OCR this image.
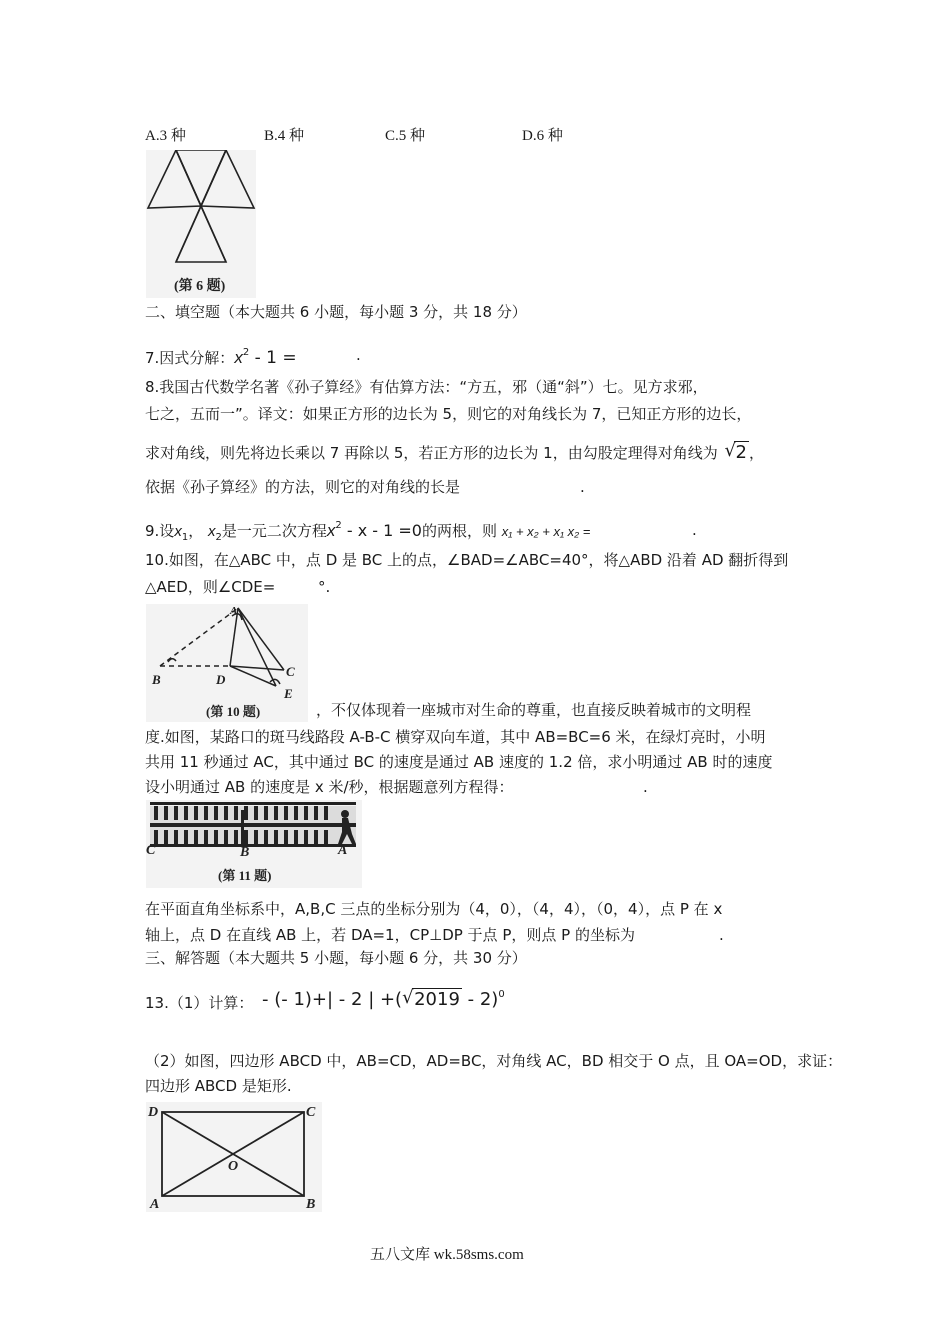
A.3 种	B.4 种	C.5 种	D.6 种
(第 6 题)
二、填空题（本大题共 6 小题，每小题 3 分，共 18 分）
7.因式分解：$x^2 - 1$ =	.
8.我国古代数学名著《孙子算经》有估算方法：“方五，邪（通“斜”）七。见方求邪，
七之，五而一”。译文：如果正方形的边长为 5，则它的对角线长为 7，已知正方形的边长，
求对角线，则先将边长乘以 7 再除以 5，若正方形的边长为 1，由勾股定理得对角线为 √ 2 ，
依据《孙子算经》的方法，则它的对角线的长是	.
9.设$x_1$， $x_2$是一元二次方程$x^2 - x - 1 =0$的两根，则 x₁ + x₂ + x₁ x₂ =	.
10.如图，在△ABC 中，点 D 是 BC 上的点，∠BAD=∠ABC=40°，将△ABD 沿着 AD 翻折得到
△AED，则∠CDE=	°.
B	D
C
E
A
(第 10 题)	，不仅体现着一座城市对生命的尊重，也直接反映着城市的文明程
度.如图，某路口的斑马线路段 A-B-C 横穿双向车道，其中 AB=BC=6 米，在绿灯亮时，小明
共用 11 秒通过 AC，其中通过 BC 的速度是通过 AB 速度的 1.2 倍，求小明通过 AB 时的速度
设小明通过 AB 的速度是 x 米/秒，根据题意列方程得：	.
C	B	A
(第 11 题)
在平面直角坐标系中，A,B,C 三点的坐标分别为（4，0），（4，4），（0，4），点 P 在 x
轴上，点 D 在直线 AB 上，若 DA=1，CP⊥DP 于点 P，则点 P 的坐标为	.
三、解答题（本大题共 5 小题，每小题 6 分，共 30 分）
13.（1）计算： - (- 1)+| - 2 | +( √ 2019 - 2)$^0$
（2）如图，四边形 ABCD 中，AB=CD，AD=BC，对角线 AC，BD 相交于 O 点，且 OA=OD，求证：
四边形 ABCD 是矩形.
D	C
O
A	B
五八文库 wk.58sms.com
